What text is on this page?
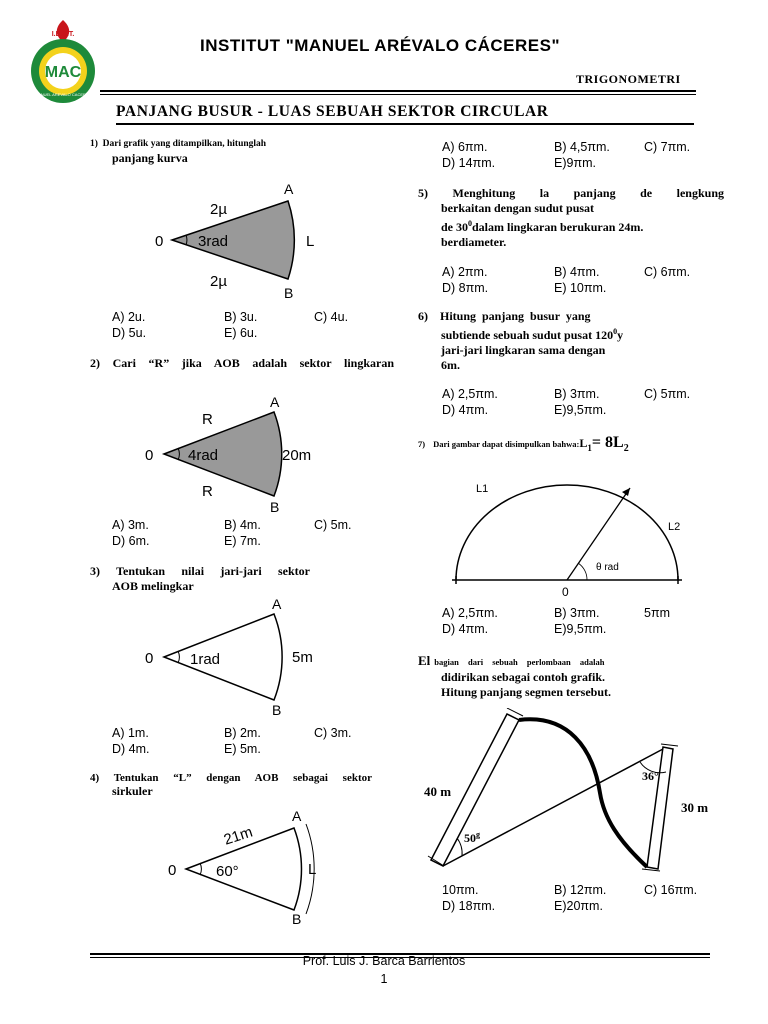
I.E.S.T.
MAC
MANUEL AREVALO CACERES
INSTITUT "MANUEL ARÉVALO CÁCERES"
TRIGONOMETRI
PANJANG BUSUR - LUAS SEBUAH SEKTOR CIRCULAR
1) Dari grafik yang ditampilkan, hitunglah
panjang kurva
0 3rad
A
B
L
2µ
2µ
A) 2u.	B) 3u.	C) 4u.
D) 5u.	E) 6u.
2) Cari “R” jika AOB adalah sektor lingkaran
0 4rad
A
B
20m
R
R
A) 3m.	B) 4m.	C) 5m.
D) 6m.	E) 7m.
3) Tentukan nilai jari-jari sektor
AOB melingkar
0 1rad
A
B
5m
A) 1m.	B) 2m.	C) 3m.
D) 4m.	E) 5m.
4) Tentukan “L” dengan AOB sebagai sektor
sirkuler
0	60°
A
B
L
21m
A) 6πm.	B) 4,5πm.	C) 7πm.
D) 14πm.	E)9πm.
5) Menghitung la panjang de lengkung
berkaitan dengan sudut pusat
de $30^0dalam$ lingkaran berukuran 24m.
berdiameter.
A) 2πm.	B) 4πm.	C) 6πm.
D) 8πm.	E) 10πm.
6) Hitung panjang busur yang
subtiende sebuah sudut pusat $120^0y$
jari-jari lingkaran sama dengan
6m.
A) 2,5πm.	B) 3πm.	C) 5πm.
D) 4πm.	E)9,5πm.
7) Dari gambar dapat disimpulkan $bahwa:L_1= 8L_2$
L1
L2
θ rad
0
A) 2,5πm.	B) 3πm.	5πm
D) 4πm.	E)9,5πm.
El bagian dari sebuah perlombaan adalah
didirikan sebagai contoh grafik.
Hitung panjang segmen tersebut.
40 m
30 m
50$^g$
36°
10πm.	B) 12πm.	C) 16πm.
D) 18πm.	E)20πm.
Prof. Luis J. Barca Barrientos
1
